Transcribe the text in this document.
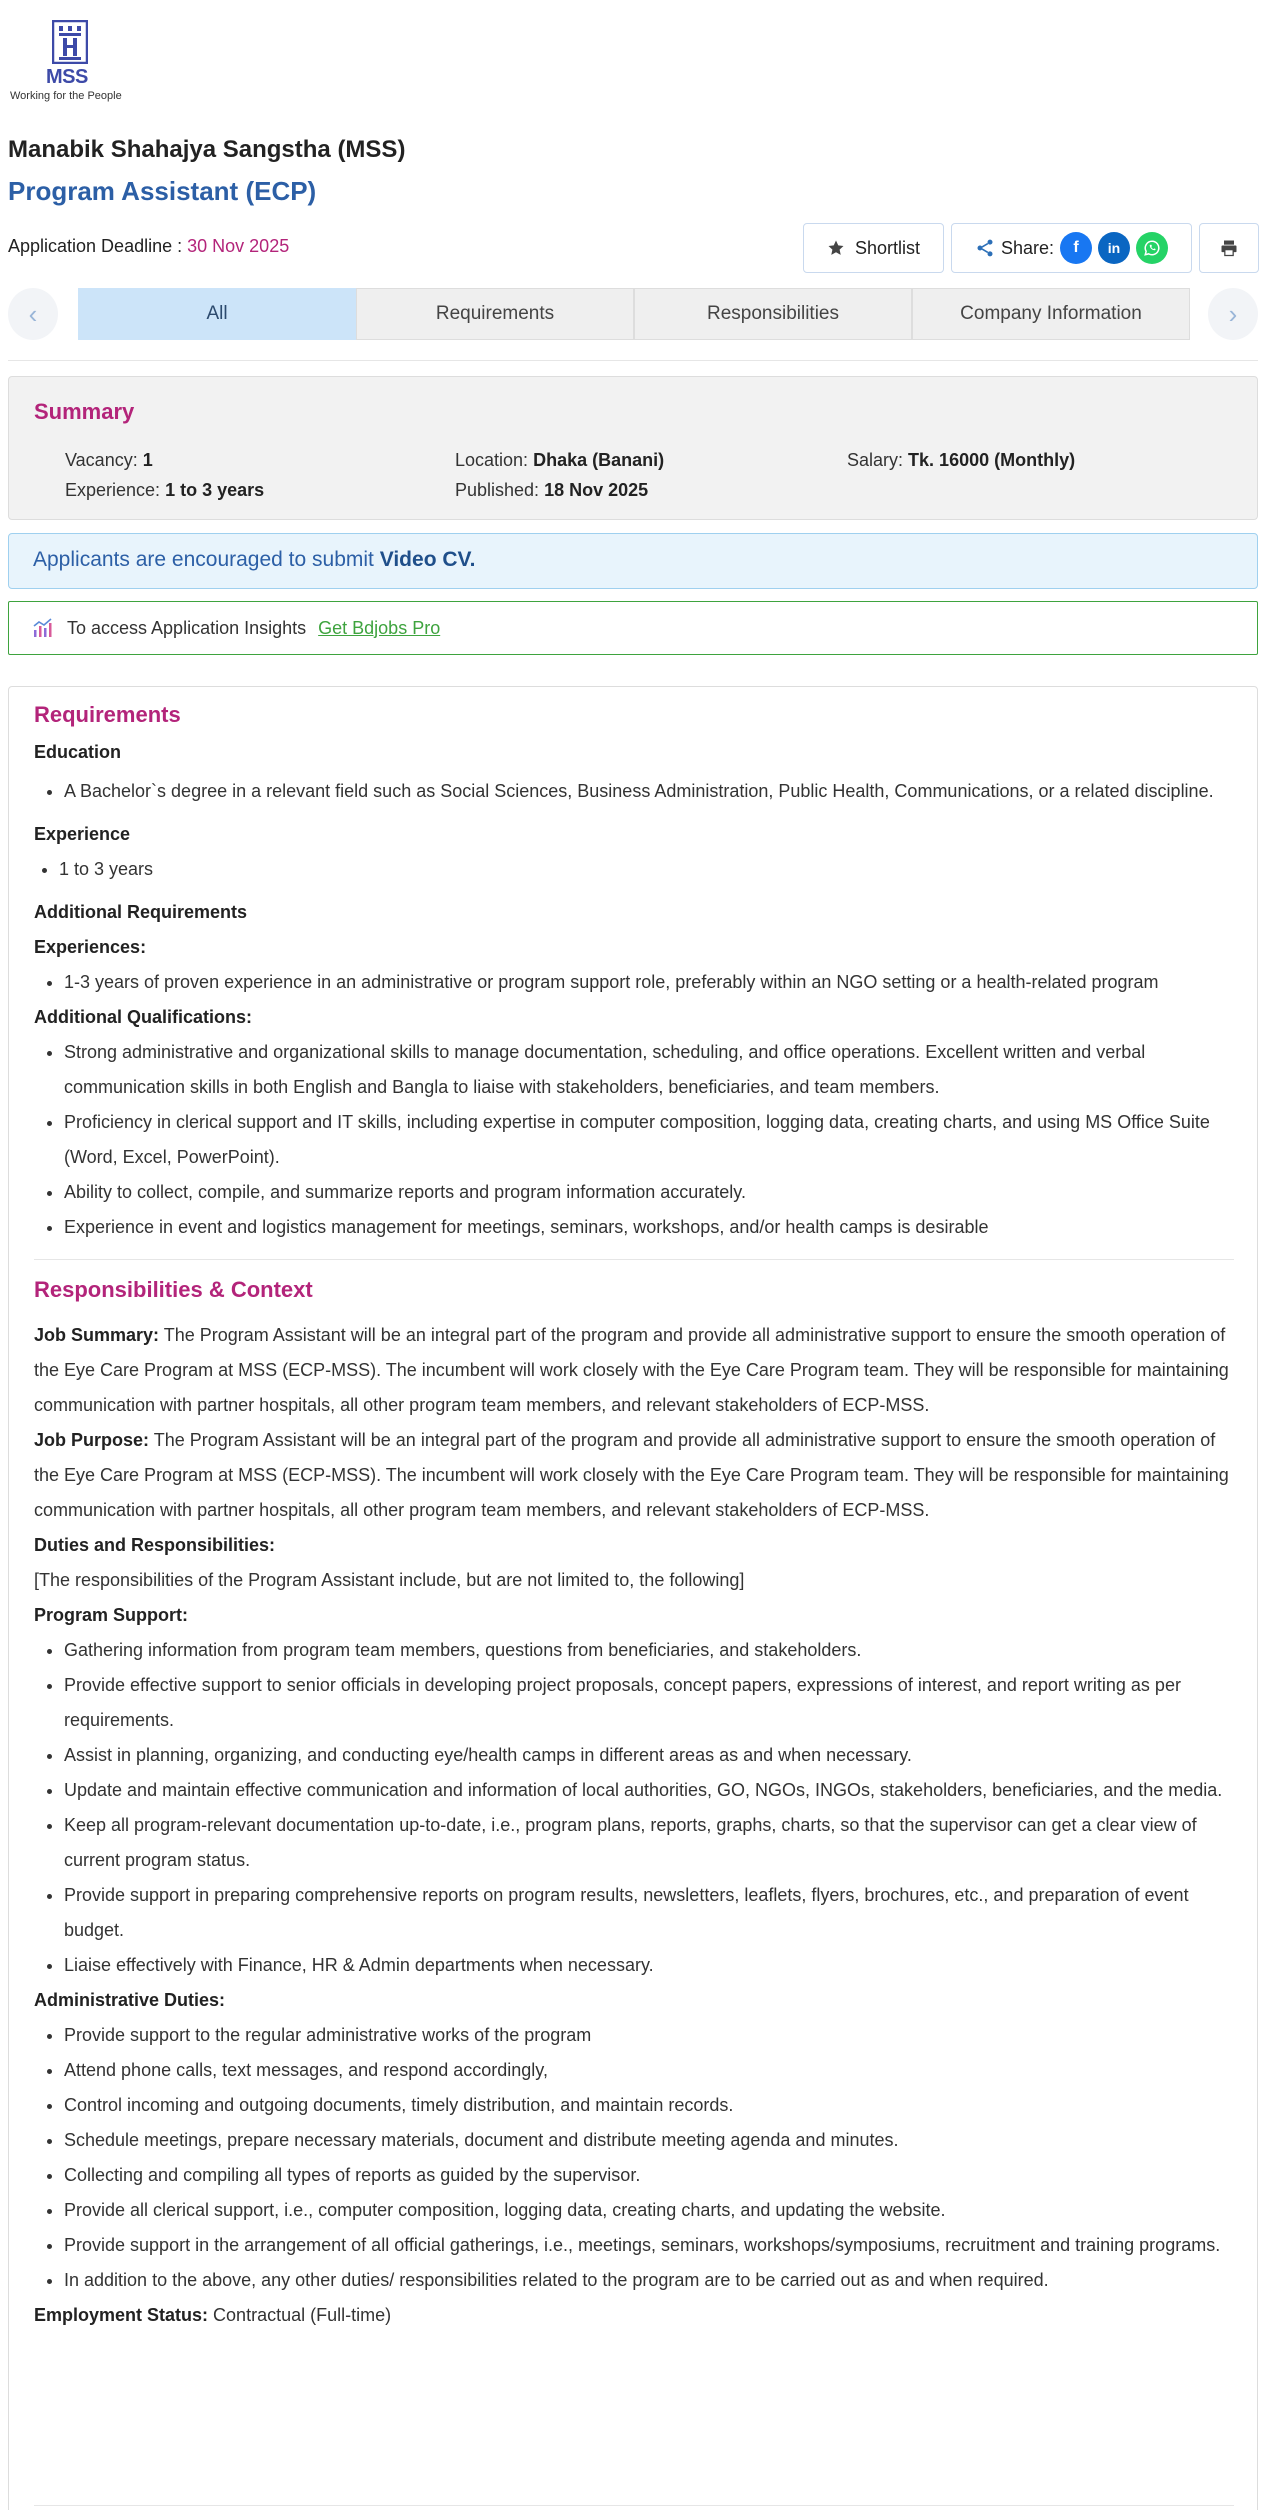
MSS
Working for the People
Manabik Shahajya Sangstha (MSS)
Program Assistant (ECP)
Application Deadline : 30 Nov 2025	Shortlist	Share:	f	in
‹	All	Requirements	Responsibilities	Company Information	›
Summary
Vacancy: 1	Location: Dhaka (Banani)	Salary: Tk. 16000 (Monthly)
Experience: 1 to 3 years	Published: 18 Nov 2025
Applicants are encouraged to submit Video CV.
To access Application Insights Get Bdjobs Pro
Requirements
Education
• A Bachelor`s degree in a relevant field such as Social Sciences, Business Administration, Public Health, Communications, or a related discipline.
Experience
• 1 to 3 years
Additional Requirements
Experiences:
• 1-3 years of proven experience in an administrative or program support role, preferably within an NGO setting or a health-related program
Additional Qualifications:
• Strong administrative and organizational skills to manage documentation, scheduling, and office operations. Excellent written and verbal communication skills in both English and Bangla to liaise with stakeholders, beneficiaries, and team members.
• Proficiency in clerical support and IT skills, including expertise in computer composition, logging data, creating charts, and using MS Office Suite (Word, Excel, PowerPoint).
• Ability to collect, compile, and summarize reports and program information accurately.
• Experience in event and logistics management for meetings, seminars, workshops, and/or health camps is desirable
Responsibilities & Context

Job Summary: The Program Assistant will be an integral part of the program and provide all administrative support to ensure the smooth operation of the Eye Care Program at MSS (ECP-MSS). The incumbent will work closely with the Eye Care Program team. They will be responsible for maintaining communication with partner hospitals, all other program team members, and relevant stakeholders of ECP-MSS.

Job Purpose: The Program Assistant will be an integral part of the program and provide all administrative support to ensure the smooth operation of the Eye Care Program at MSS (ECP-MSS). The incumbent will work closely with the Eye Care Program team. They will be responsible for maintaining communication with partner hospitals, all other program team members, and relevant stakeholders of ECP-MSS.

Duties and Responsibilities:

[The responsibilities of the Program Assistant include, but are not limited to, the following]

Program Support:
• Gathering information from program team members, questions from beneficiaries, and stakeholders.
• Provide effective support to senior officials in developing project proposals, concept papers, expressions of interest, and report writing as per requirements.
• Assist in planning, organizing, and conducting eye/health camps in different areas as and when necessary.
• Update and maintain effective communication and information of local authorities, GO, NGOs, INGOs, stakeholders, beneficiaries, and the media.
• Keep all program-relevant documentation up-to-date, i.e., program plans, reports, graphs, charts, so that the supervisor can get a clear view of current program status.
• Provide support in preparing comprehensive reports on program results, newsletters, leaflets, flyers, brochures, etc., and preparation of event budget.
• Liaise effectively with Finance, HR & Admin departments when necessary.
Administrative Duties:
• Provide support to the regular administrative works of the program
• Attend phone calls, text messages, and respond accordingly,
• Control incoming and outgoing documents, timely distribution, and maintain records.
• Schedule meetings, prepare necessary materials, document and distribute meeting agenda and minutes.
• Collecting and compiling all types of reports as guided by the supervisor.
• Provide all clerical support, i.e., computer composition, logging data, creating charts, and updating the website.
• Provide support in the arrangement of all official gatherings, i.e., meetings, seminars, workshops/symposiums, recruitment and training programs.
• In addition to the above, any other duties/ responsibilities related to the program are to be carried out as and when required.

Employment Status: Contractual (Full-time)
